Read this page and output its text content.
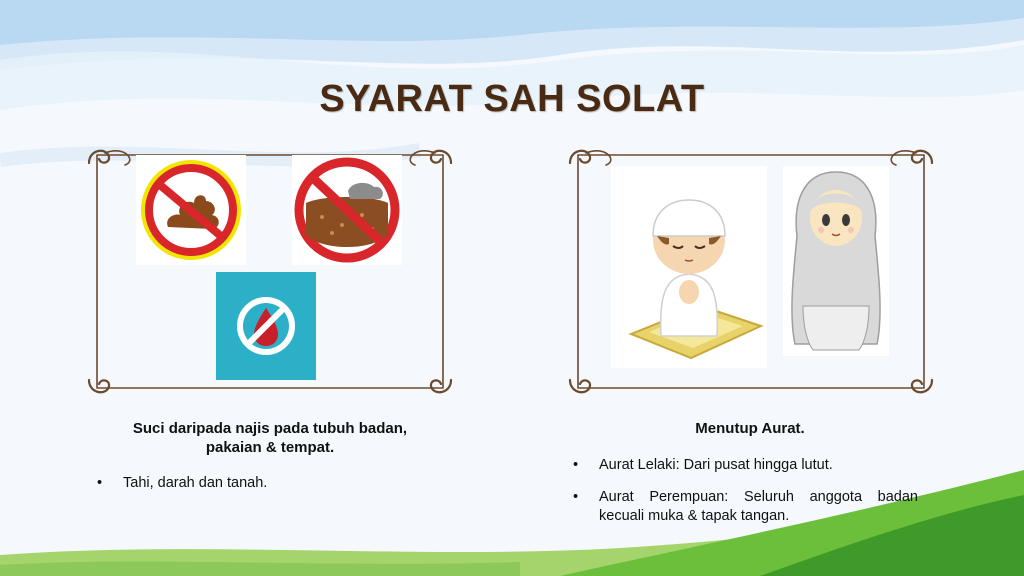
SYARAT SAH SOLAT
Suci daripada najis pada tubuh badan, pakaian & tempat.
• Tahi, darah dan tanah.
Menutup Aurat.
• Aurat Lelaki: Dari pusat hingga lutut.
• Aurat Perempuan: Seluruh anggota badan kecuali muka & tapak tangan.
